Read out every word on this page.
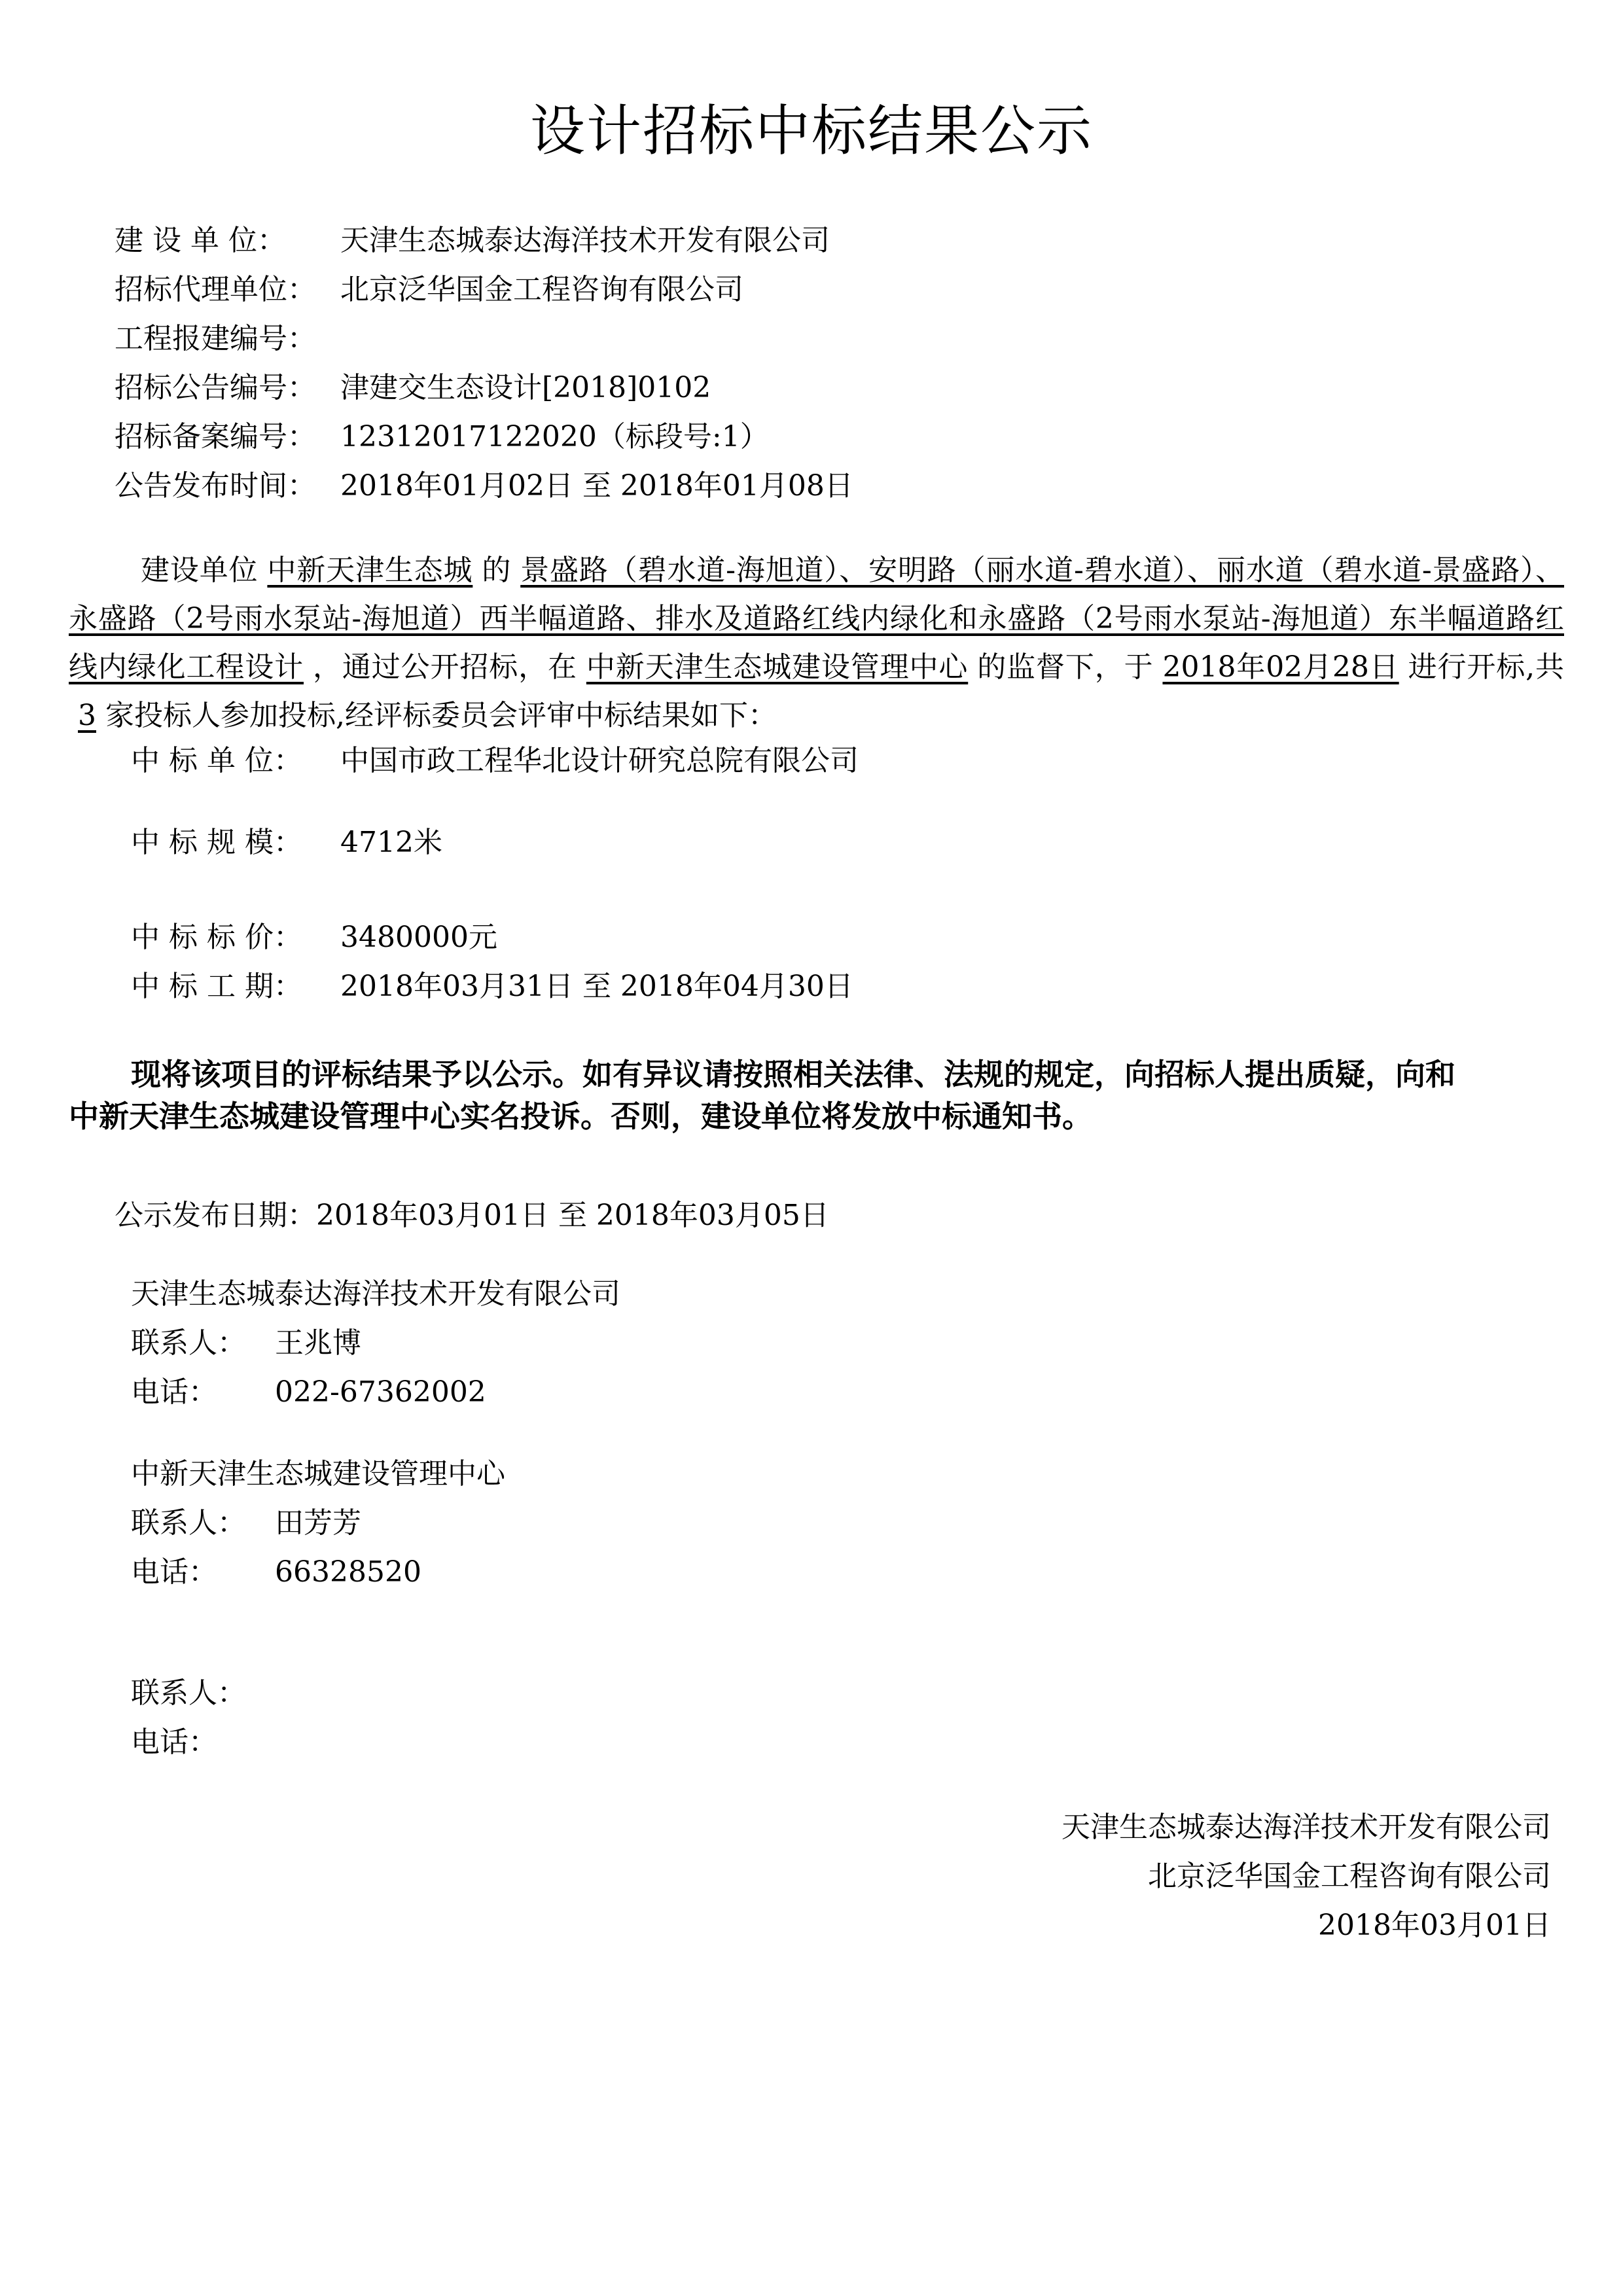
设计招标中标结果公示
建 设 单 位： 天津生态城泰达海洋技术开发有限公司
招标代理单位： 北京泛华国金工程咨询有限公司
工程报建编号：
招标公告编号： 津建交生态设计[2018]0102
招标备案编号： 12312017122020（标段号:1）
公告发布时间： 2018年01月02日 至 2018年01月08日
建设单位 中新天津生态城 的 景盛路（碧水道-海旭道）、安明路（丽水道-碧水道）、丽水道（碧水道-景盛路）、永盛路（2号雨水泵站-海旭道）西半幅道路、排水及道路红线内绿化和永盛路（2号雨水泵站-海旭道）东半幅道路红线内绿化工程设计 ，通过公开招标，在 中新天津生态城建设管理中心 的监督下，于 2018年02月28日 进行开标,共3 家投标人参加投标,经评标委员会评审中标结果如下：
中 标 单 位： 中国市政工程华北设计研究总院有限公司
中 标 规 模： 4712米
中 标 标 价： 3480000元
中 标 工 期： 2018年03月31日 至 2018年04月30日
现将该项目的评标结果予以公示。如有异议请按照相关法律、法规的规定，向招标人提出质疑，向和中新天津生态城建设管理中心实名投诉。否则，建设单位将发放中标通知书。
公示发布日期：2018年03月01日 至 2018年03月05日
天津生态城泰达海洋技术开发有限公司
联系人： 王兆博
电话： 022-67362002
中新天津生态城建设管理中心
联系人： 田芳芳
电话： 66328520
联系人：
电话：
天津生态城泰达海洋技术开发有限公司
北京泛华国金工程咨询有限公司
2018年03月01日
